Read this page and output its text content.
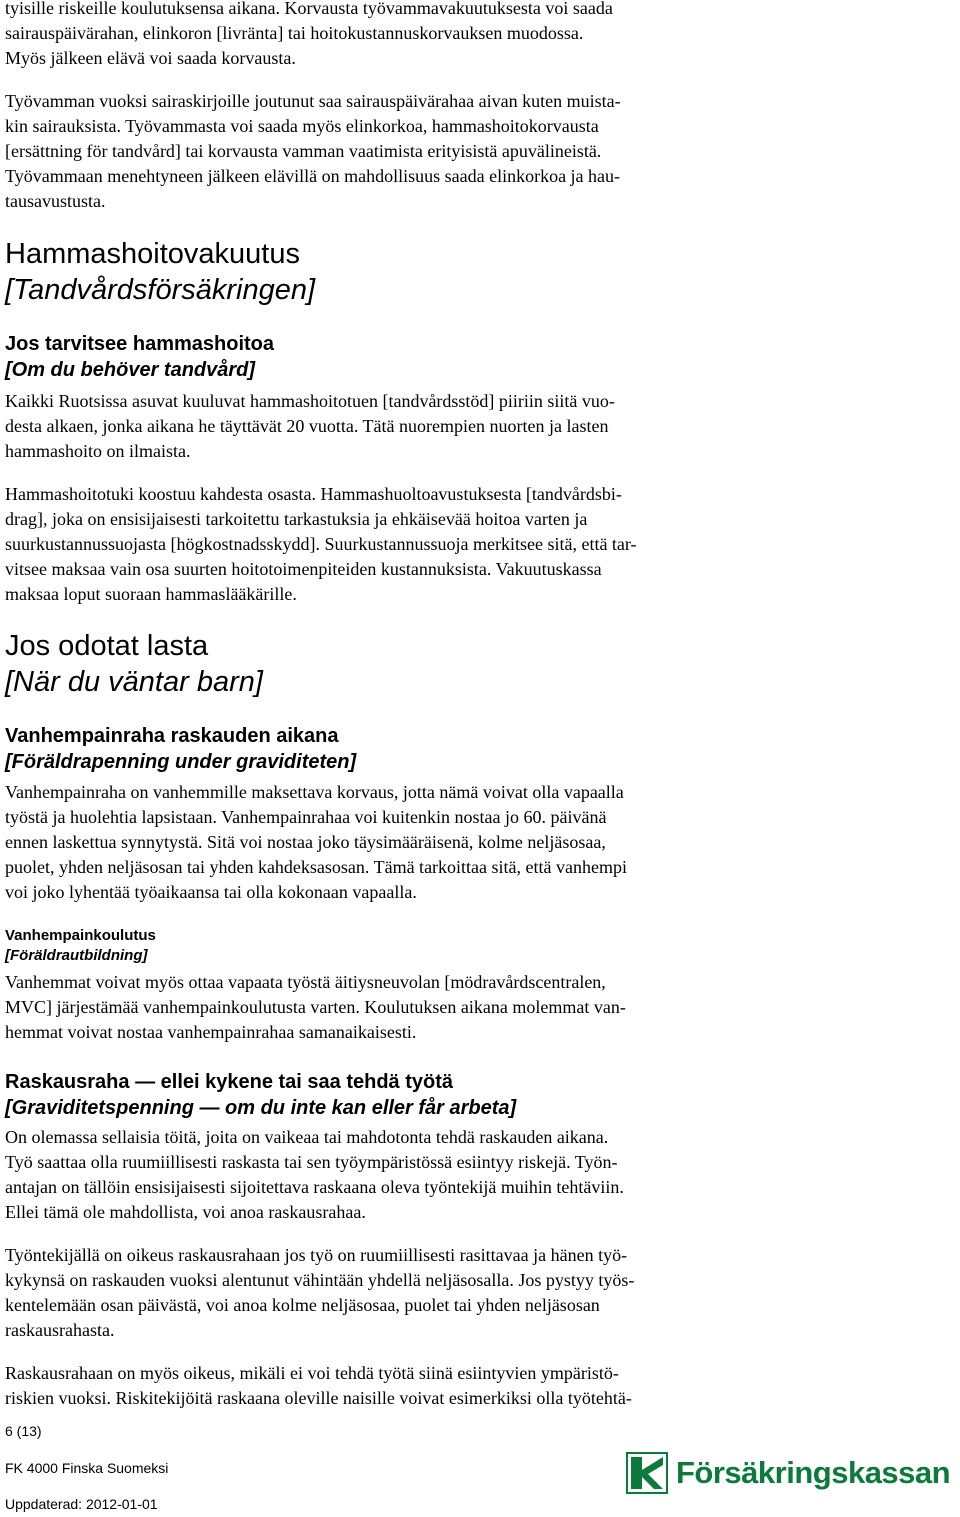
tyisille riskeille koulutuksensa aikana. Korvausta työvammavakuutuksesta voi saada
sairauspäivärahan, elinkoron [livränta] tai hoitokustannuskorvauksen muodossa.
Myös jälkeen elävä voi saada korvausta.
Työvamman vuoksi sairaskirjoille joutunut saa sairauspäivärahaa aivan kuten muista-
kin sairauksista. Työvammasta voi saada myös elinkorkoa, hammashoitokorvausta
[ersättning för tandvård] tai korvausta vamman vaatimista erityisistä apuvälineistä.
Työvammaan menehtyneen jälkeen elävillä on mahdollisuus saada elinkorkoa ja hau-
tausavustusta.
Hammashoitovakuutus
[Tandvårdsförsäkringen]
Jos tarvitsee hammashoitoa
[Om du behöver tandvård]
Kaikki Ruotsissa asuvat kuuluvat hammashoitotuen [tandvårdsstöd] piiriin siitä vuo-
desta alkaen, jonka aikana he täyttävät 20 vuotta. Tätä nuorempien nuorten ja lasten
hammashoito on ilmaista.
Hammashoitotuki koostuu kahdesta osasta. Hammashuoltoavustuksesta [tandvårdsbi-
drag], joka on ensisijaisesti tarkoitettu tarkastuksia ja ehkäisevää hoitoa varten ja
suurkustannussuojasta [högkostnadsskydd]. Suurkustannussuoja merkitsee sitä, että tar-
vitsee maksaa vain osa suurten hoitotoimenpiteiden kustannuksista. Vakuutuskassa
maksaa loput suoraan hammaslääkärille.
Jos odotat lasta
[När du väntar barn]
Vanhempainraha raskauden aikana
[Föräldrapenning under graviditeten]
Vanhempainraha on vanhemmille maksettava korvaus, jotta nämä voivat olla vapaalla
työstä ja huolehtia lapsistaan. Vanhempainrahaa voi kuitenkin nostaa jo 60. päivänä
ennen laskettua synnytystä. Sitä voi nostaa joko täysimääräisenä, kolme neljäsosaa,
puolet, yhden neljäsosan tai yhden kahdeksasosan. Tämä tarkoittaa sitä, että vanhempi
voi joko lyhentää työaikaansa tai olla kokonaan vapaalla.
Vanhempainkoulutus
[Föräldrautbildning]
Vanhemmat voivat myös ottaa vapaata työstä äitiysneuvolan [mödravårdscentralen,
MVC] järjestämää vanhempainkoulutusta varten. Koulutuksen aikana molemmat van-
hemmat voivat nostaa vanhempainrahaa samanaikaisesti.
Raskausraha — ellei kykene tai saa tehdä työtä
[Graviditetspenning — om du inte kan eller får arbeta]
On olemassa sellaisia töitä, joita on vaikeaa tai mahdotonta tehdä raskauden aikana.
Työ saattaa olla ruumiillisesti raskasta tai sen työympäristössä esiintyy riskejä. Työn-
antajan on tällöin ensisijaisesti sijoitettava raskaana oleva työntekijä muihin tehtäviin.
Ellei tämä ole mahdollista, voi anoa raskausrahaa.
Työntekijällä on oikeus raskausrahaan jos työ on ruumiillisesti rasittavaa ja hänen työ-
kykynsä on raskauden vuoksi alentunut vähintään yhdellä neljäsosalla. Jos pystyy työs-
kentelemään osan päivästä, voi anoa kolme neljäsosaa, puolet tai yhden neljäsosan
raskausrahasta.
Raskausrahaan on myös oikeus, mikäli ei voi tehdä työtä siinä esiintyvien ympäristö-
riskien vuoksi. Riskitekijöitä raskaana oleville naisille voivat esimerkiksi olla työtehtä-
6 (13)
FK 4000 Finska Suomeksi
Uppdaterad: 2012-01-01
Försäkringskassan
